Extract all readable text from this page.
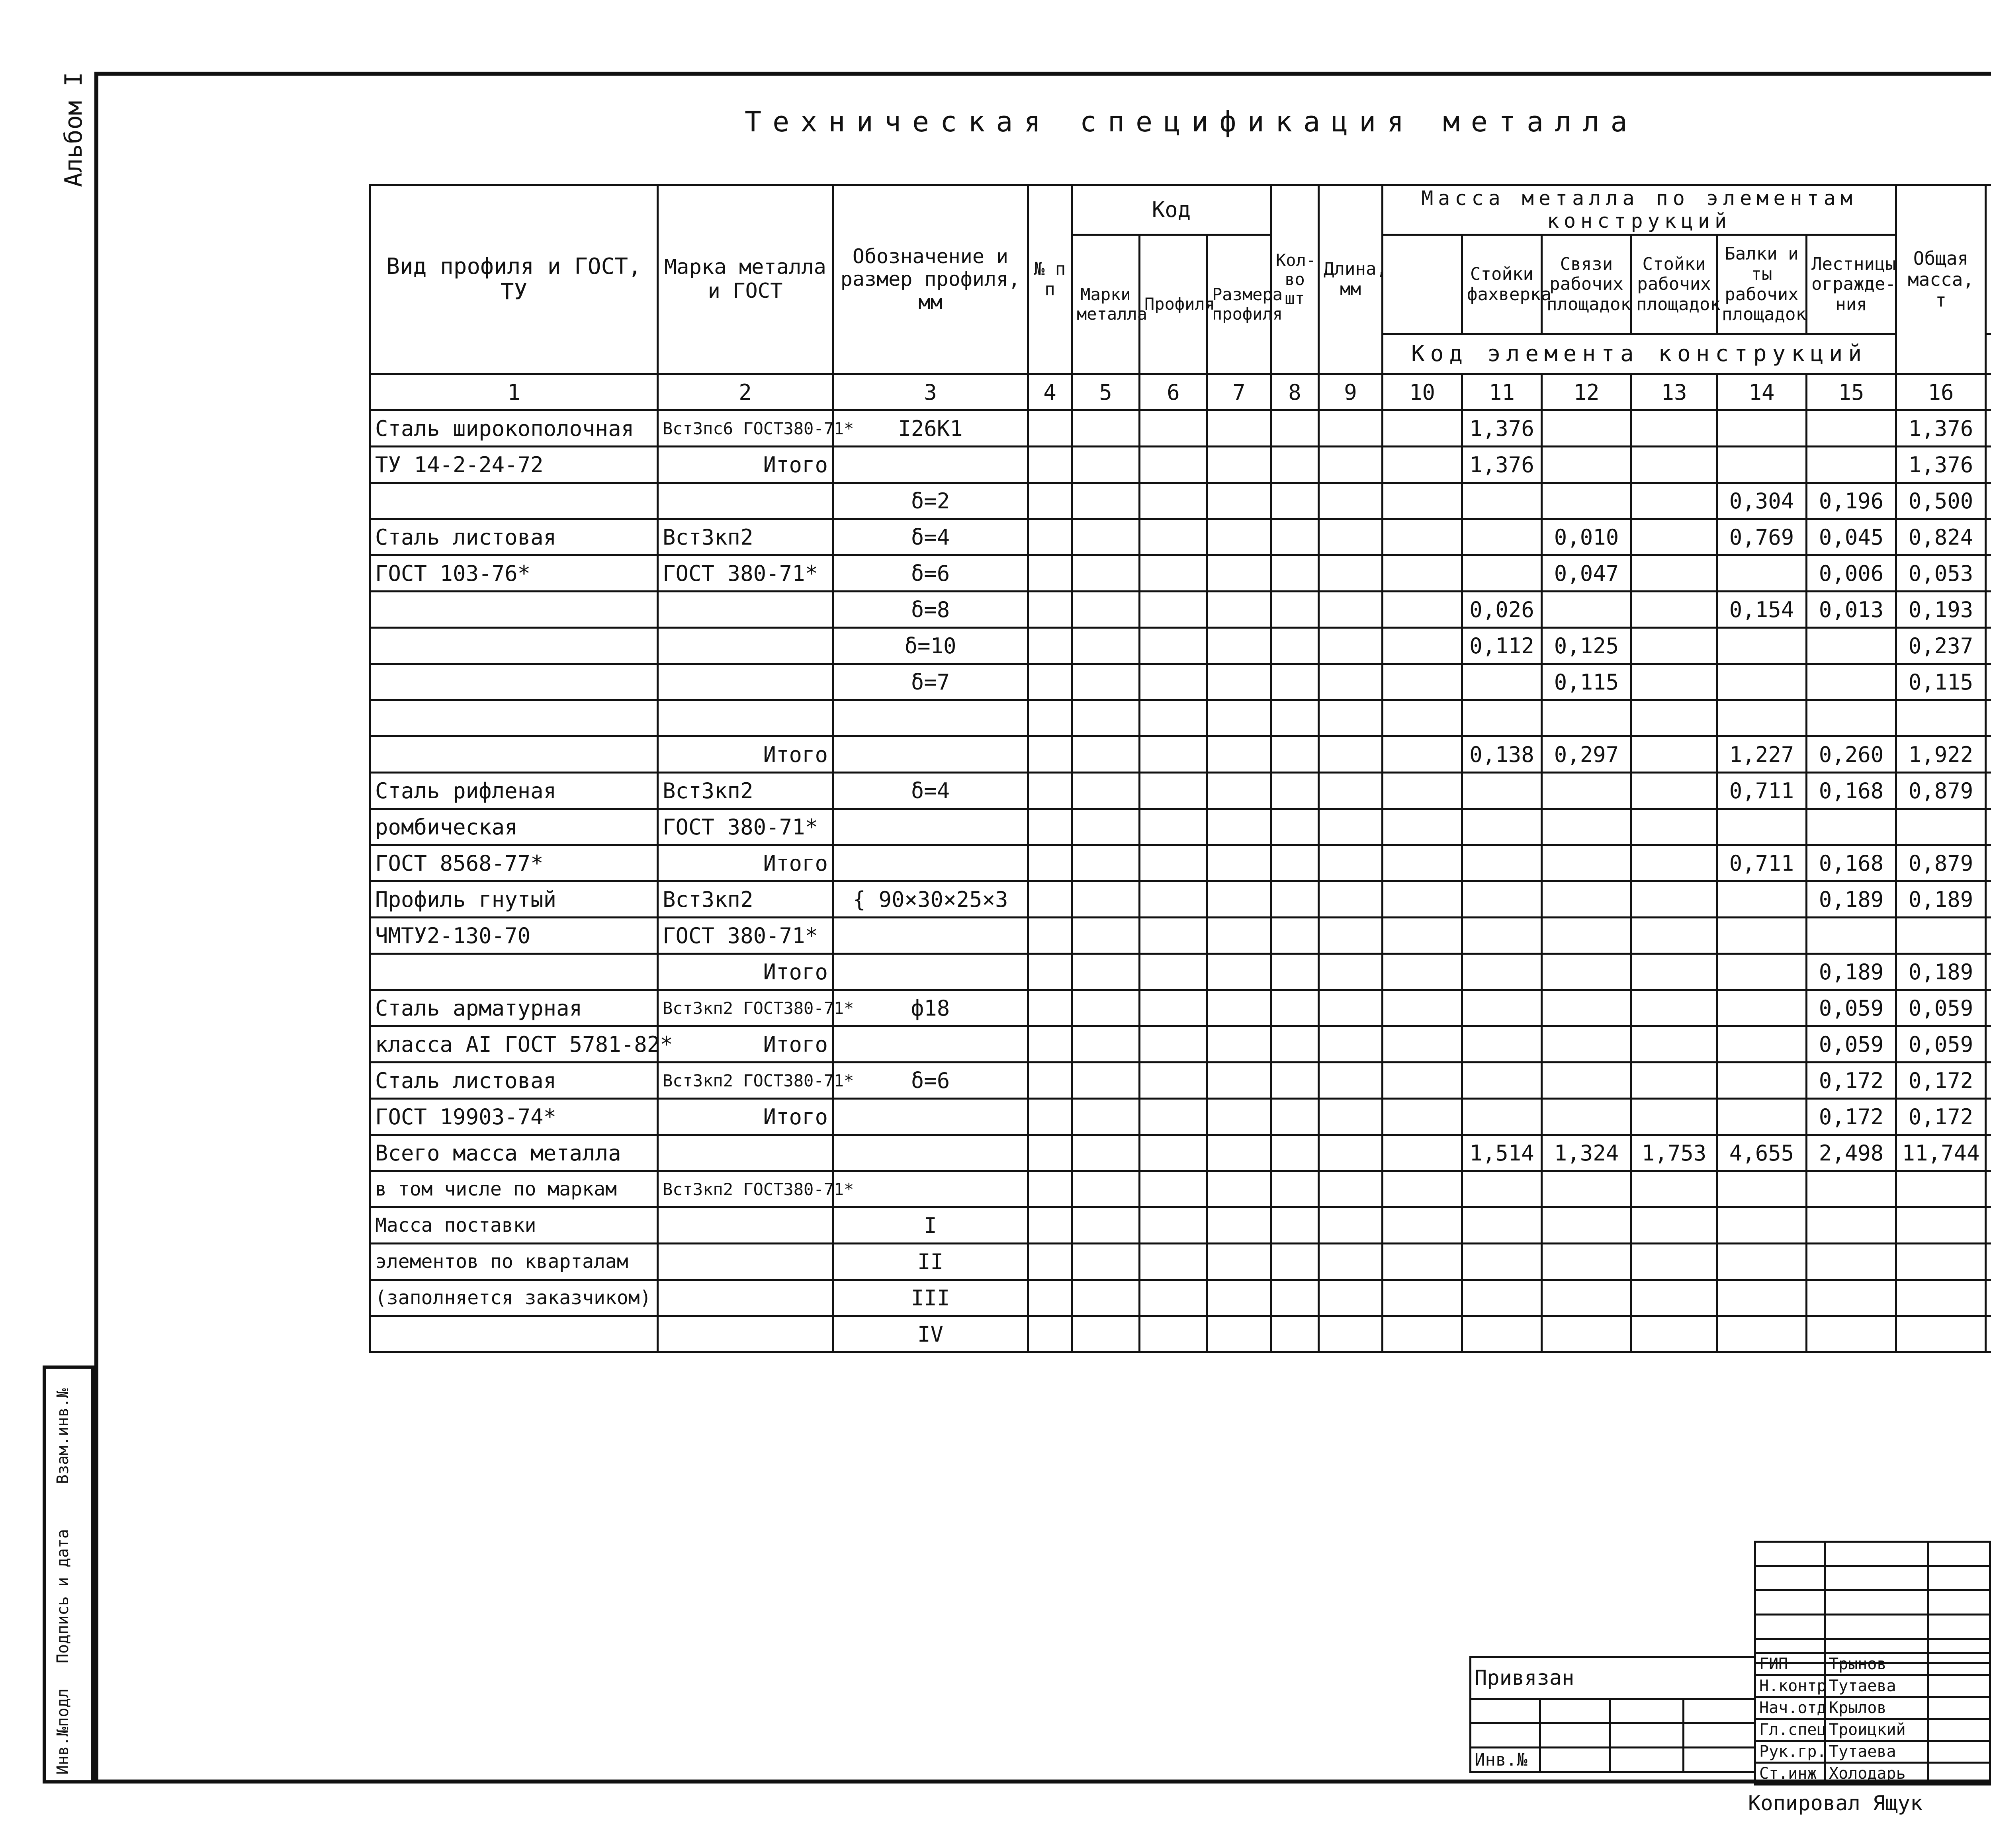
Альбом I
Инв.№подл
Подпись и дата
Взам.инв.№
Техническая спецификация металла
Вид профиля и ГОСТ, ТУ	Марка металла и ГОСТ	Обозначение и размер профиля, мм	№ п п	Код			Кол-во шт	Длина, мм	Масса металла по элементам конструкций						Общая масса, т		
				Марки металла	Профиля	Размера профиля				Стойки фахверка	Связи рабочих площадок	Стойки рабочих площадок	Балки и ты рабочих площадок	Лестницы огражде-ния						
									Код элемента конструкций				
1	2	3	4	5	6	7	8	9	10	11	12	13	14	15	16					
Сталь широкополочная	Вст3пс6 ГОСТ380-71*	I26К1								1,376					1,376					
ТУ 14-2-24-72	Итого									1,376					1,376					
		δ=2											0,304	0,196	0,500					
Сталь листовая	Вст3кп2	δ=4									0,010		0,769	0,045	0,824					
ГОСТ 103-76*	ГОСТ 380-71*	δ=6									0,047			0,006	0,053					
		δ=8								0,026			0,154	0,013	0,193					
		δ=10								0,112	0,125				0,237					
		δ=7									0,115				0,115					

	Итого									0,138	0,297		1,227	0,260	1,922					
Сталь рифленая	Вст3кп2	δ=4											0,711	0,168	0,879					
ромбическая	ГОСТ 380-71*																			
ГОСТ 8568-77*	Итого												0,711	0,168	0,879					
Профиль гнутый	Вст3кп2	{ 90×30×25×3												0,189	0,189					
ЧМТУ2-130-70	ГОСТ 380-71*																			
	Итого													0,189	0,189					
Сталь арматурная	Вст3кп2 ГОСТ380-71*	ф18												0,059	0,059					
класса AI ГОСТ 5781-82*	Итого													0,059	0,059					
Сталь листовая	Вст3кп2 ГОСТ380-71*	δ=6												0,172	0,172					
ГОСТ 19903-74*	Итого													0,172	0,172					
Всего масса металла										1,514	1,324	1,753	4,655	2,498	11,744					
в том числе по маркам	Вст3кп2 ГОСТ380-71*																			
Масса поставки		I																		
элементов по кварталам		II																		
(заполняется заказчиком)		III																		
		IV																		

ГИП	Трынов		
Н.контр	Тутаева		
Нач.отд	Крылов		
Гл.спец	Троицкий		
Рук.гр.	Тутаева		
Ст.инж	Холодарь		

Привязан			

Инв.№			
Копировал Ящук
